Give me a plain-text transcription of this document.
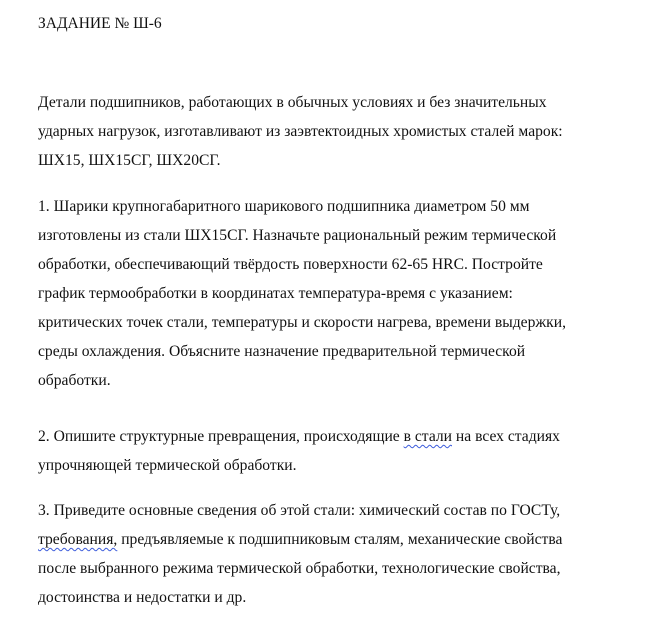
ЗАДАНИЕ № Ш-6
Детали подшипников, работающих в обычных условиях и без значительных
ударных нагрузок, изготавливают из заэвтектоидных хромистых сталей марок:
ШХ15, ШХ15СГ, ШХ20СГ.
1. Шарики крупногабаритного шарикового подшипника диаметром 50 мм
изготовлены из стали ШХ15СГ. Назначьте рациональный режим термической
обработки, обеспечивающий твёрдость поверхности 62-65 HRC. Постройте
график термообработки в координатах температура-время с указанием:
критических точек стали, температуры и скорости нагрева, времени выдержки,
среды охлаждения. Объясните назначение предварительной термической
обработки.
2. Опишите структурные превращения, происходящие в стали на всех стадиях
упрочняющей термической обработки.
3. Приведите основные сведения об этой стали: химический состав по ГОСТу,
требования, предъявляемые к подшипниковым сталям, механические свойства
после выбранного режима термической обработки, технологические свойства,
достоинства и недостатки и др.
